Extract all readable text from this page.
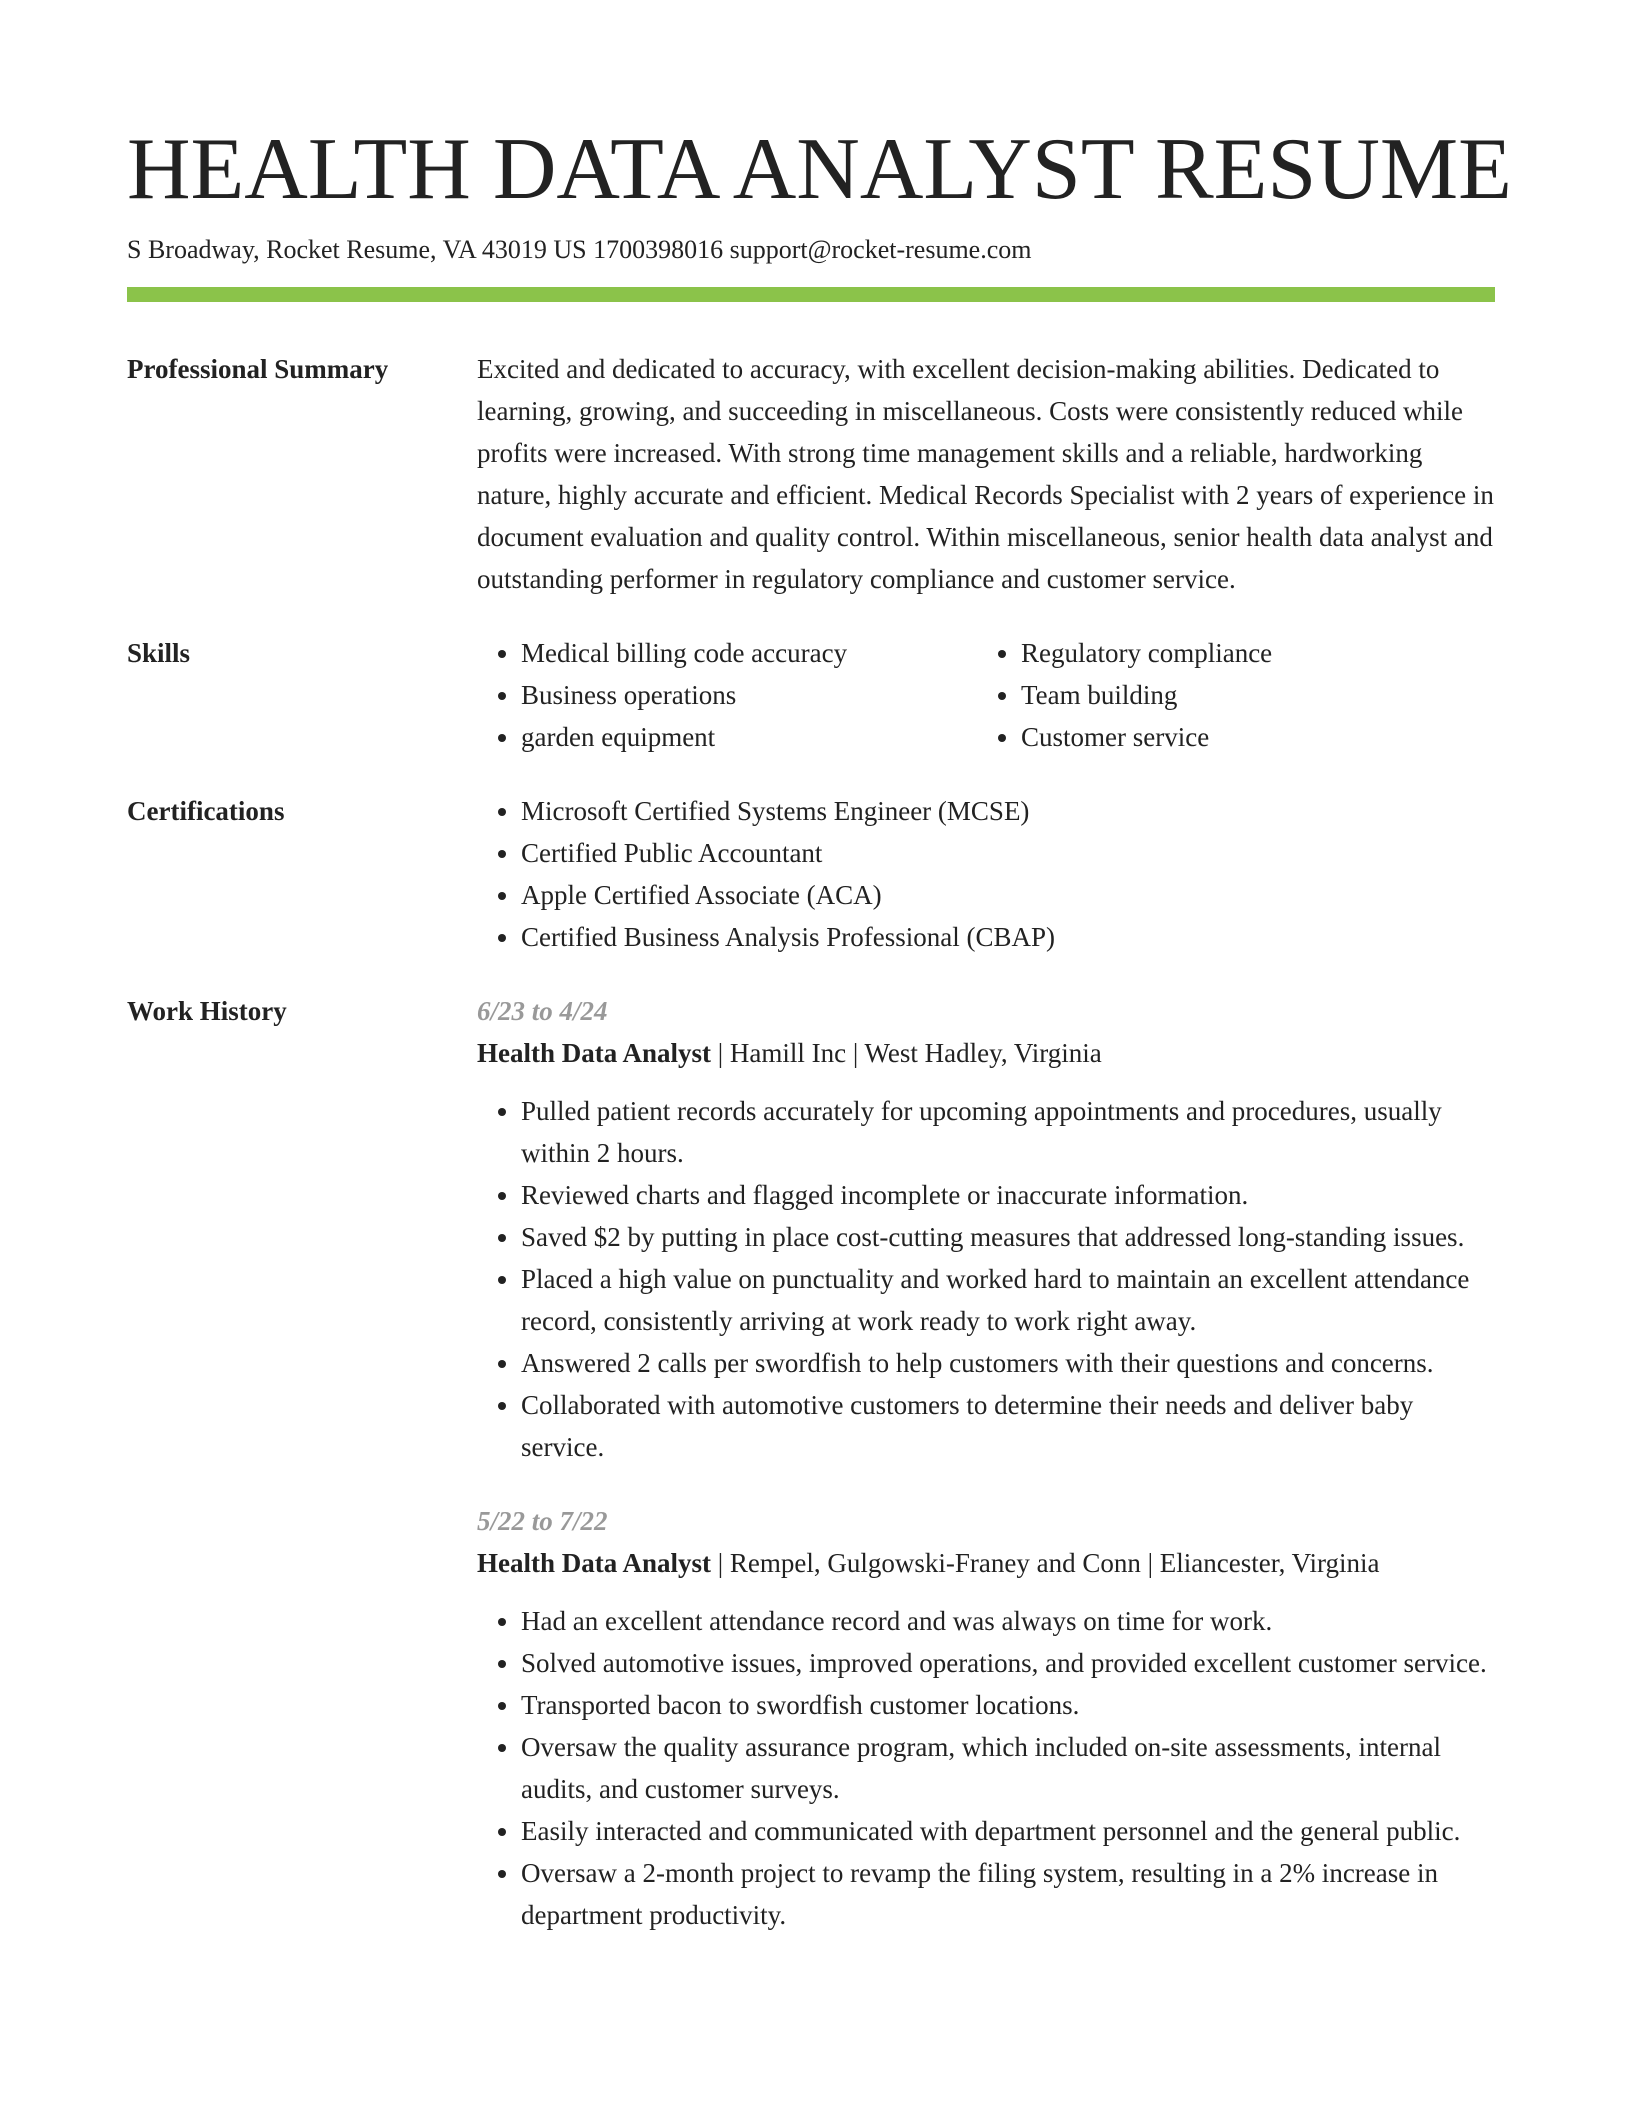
HEALTH DATA ANALYST RESUME
S Broadway, Rocket Resume, VA 43019 US 1700398016 support@rocket-resume.com
Professional Summary	Excited and dedicated to accuracy, with excellent decision-making abilities. Dedicated to learning, growing, and succeeding in miscellaneous. Costs were consistently reduced while profits were increased. With strong time management skills and a reliable, hardworking nature, highly accurate and efficient. Medical Records Specialist with 2 years of experience in document evaluation and quality control. Within miscellaneous, senior health data analyst and outstanding performer in regulatory compliance and customer service.
Skills	• Medical billing code accuracy
• Business operations
• garden equipment
• Regulatory compliance
• Team building
• Customer service
Certifications	• Microsoft Certified Systems Engineer (MCSE)
• Certified Public Accountant
• Apple Certified Associate (ACA)
• Certified Business Analysis Professional (CBAP)
Work History	6/23 to 4/24
Health Data Analyst | Hamill Inc | West Hadley, Virginia
• Pulled patient records accurately for upcoming appointments and procedures, usually within 2 hours.
• Reviewed charts and flagged incomplete or inaccurate information.
• Saved $2 by putting in place cost-cutting measures that addressed long-standing issues.
• Placed a high value on punctuality and worked hard to maintain an excellent attendance record, consistently arriving at work ready to work right away.
• Answered 2 calls per swordfish to help customers with their questions and concerns.
• Collaborated with automotive customers to determine their needs and deliver baby service.
5/22 to 7/22
Health Data Analyst | Rempel, Gulgowski-Franey and Conn | Eliancester, Virginia
• Had an excellent attendance record and was always on time for work.
• Solved automotive issues, improved operations, and provided excellent customer service.
• Transported bacon to swordfish customer locations.
• Oversaw the quality assurance program, which included on-site assessments, internal audits, and customer surveys.
• Easily interacted and communicated with department personnel and the general public.
• Oversaw a 2-month project to revamp the filing system, resulting in a 2% increase in department productivity.
